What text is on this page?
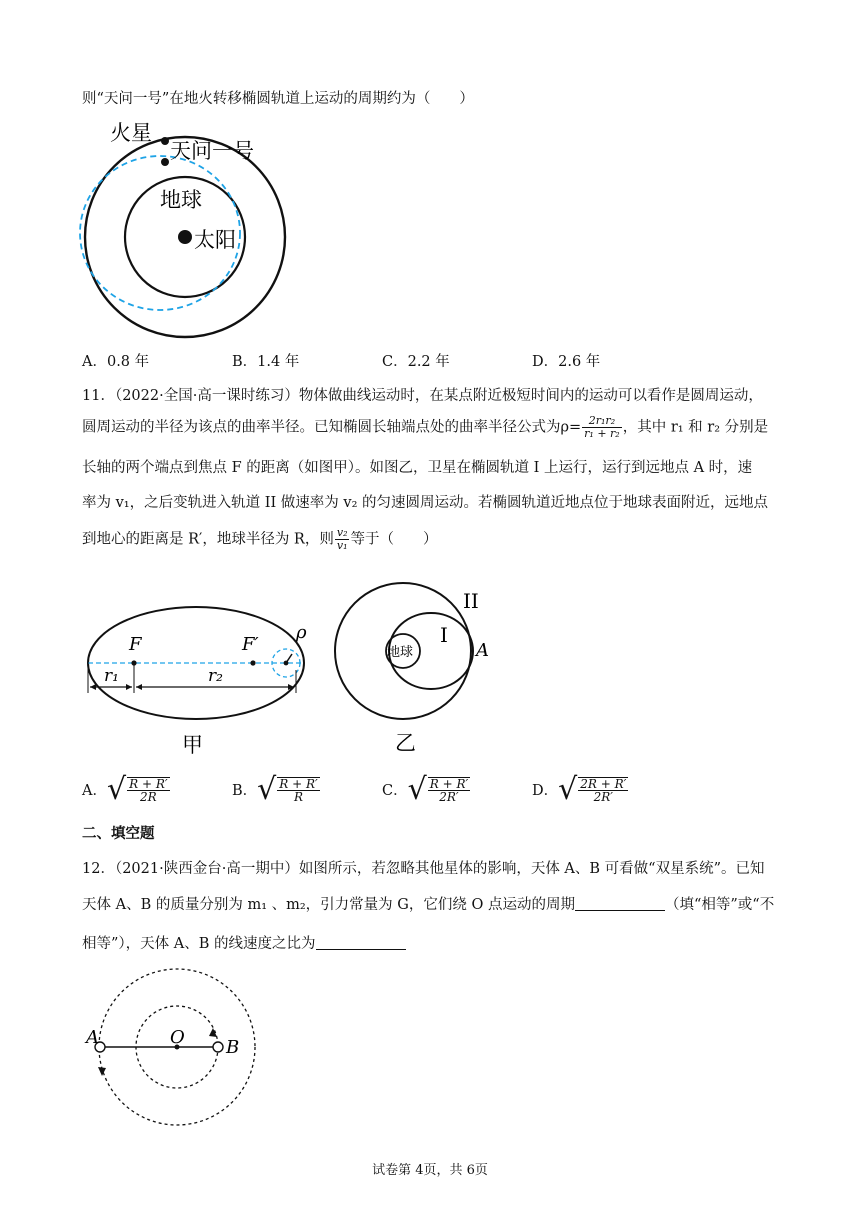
则“天问一号”在地火转移椭圆轨道上运动的周期约为（　　）
火星
天问一号
地球
太阳
A．0.8 年	B．1.4 年	C．2.2 年	D．2.6 年
11．（2022·全国·高一课时练习）物体做曲线运动时，在某点附近极短时间内的运动可以看作是圆周运动，
圆周运动的半径为该点的曲率半径。已知椭圆长轴端点处的曲率半径公式为$\rho= \frac{\text{2r₁r₂}}{\text{r₁ + r₂}}$ ，其中 r₁ 和 r₂ 分别是
长轴的两个端点到焦点 F 的距离（如图甲）。如图乙，卫星在椭圆轨道 I 上运行，运行到远地点 A 时，速
率为 v₁，之后变轨进入轨道 II 做速率为 v₂ 的匀速圆周运动。若椭圆轨道近地点位于地球表面附近，远地点
到地心的距离是 R′，地球半径为 R，则 $\frac{\text{v₂}}{\text{v₁}}$ 等于（　　）
F	F′
ρ
r₁	r₂
甲
地球
II
I
A
乙
A．√ $\frac{R + R'}{2R}$	B．√ $\frac{R + R'}{R}$	C．√ $\frac{R + R'}{2R'}$	D．√ $\frac{2R + R'}{2R'}$
二、填空题
12．（2021·陕西金台·高一期中）如图所示，若忽略其他星体的影响，天体 A、B 可看做“双星系统”。已知
天体 A、B 的质量分别为 m₁ 、m₂，引力常量为 G，它们绕 O 点运动的周期	（填“相等”或“不
相等”），天体 A、B 的线速度之比为
A	O B
试卷第 4页，共 6页
